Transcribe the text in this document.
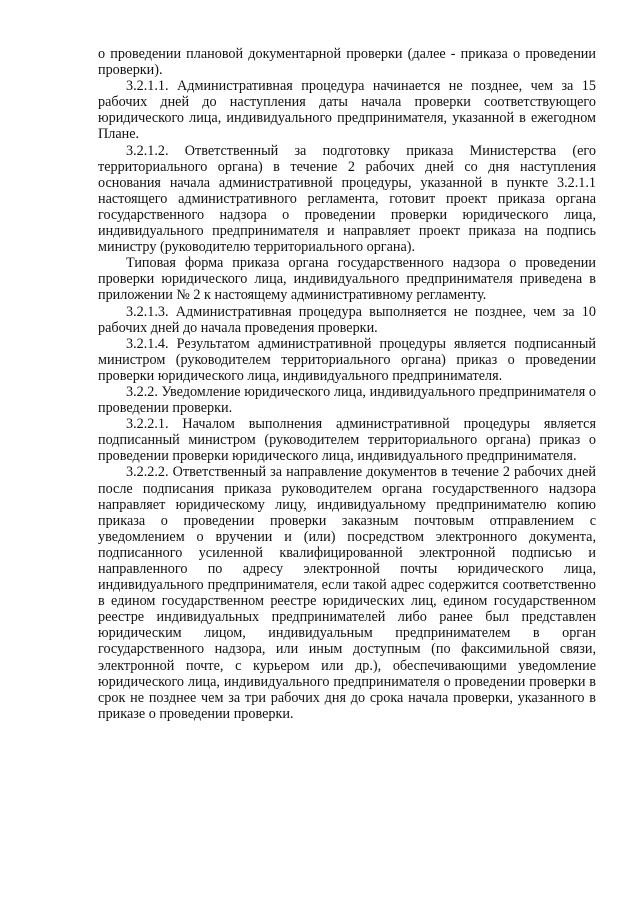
о проведении плановой документарной проверки (далее - приказа о проведении проверки).

3.2.1.1. Административная процедура начинается не позднее, чем за 15 рабочих дней до наступления даты начала проверки соответствующего юридического лица, индивидуального предпринимателя, указанной в ежегодном Плане.

3.2.1.2. Ответственный за подготовку приказа Министерства (его территориального органа) в течение 2 рабочих дней со дня наступления основания начала административной процедуры, указанной в пункте 3.2.1.1 настоящего административного регламента, готовит проект приказа органа государственного надзора о проведении проверки юридического лица, индивидуального предпринимателя и направляет проект приказа на подпись министру (руководителю территориального органа).

Типовая форма приказа органа государственного надзора о проведении проверки юридического лица, индивидуального предпринимателя приведена в приложении № 2 к настоящему административному регламенту.

3.2.1.3. Административная процедура выполняется не позднее, чем за 10 рабочих дней до начала проведения проверки.

3.2.1.4. Результатом административной процедуры является подписанный министром (руководителем территориального органа) приказ о проведении проверки юридического лица, индивидуального предпринимателя.

3.2.2. Уведомление юридического лица, индивидуального предпринимателя о проведении проверки.

3.2.2.1. Началом выполнения административной процедуры является подписанный министром (руководителем территориального органа) приказ о проведении проверки юридического лица, индивидуального предпринимателя.

3.2.2.2. Ответственный за направление документов в течение 2 рабочих дней после подписания приказа руководителем органа государственного надзора направляет юридическому лицу, индивидуальному предпринимателю копию приказа о проведении проверки заказным почтовым отправлением с уведомлением о вручении и (или) посредством электронного документа, подписанного усиленной квалифицированной электронной подписью и направленного по адресу электронной почты юридического лица, индивидуального предпринимателя, если такой адрес содержится соответственно в едином государственном реестре юридических лиц, едином государственном реестре индивидуальных предпринимателей либо ранее был представлен юридическим лицом, индивидуальным предпринимателем в орган государственного надзора, или иным доступным (по факсимильной связи, электронной почте, с курьером или др.), обеспечивающими уведомление юридического лица, индивидуального предпринимателя о проведении проверки в срок не позднее чем за три рабочих дня до срока начала проверки, указанного в приказе о проведении проверки.
